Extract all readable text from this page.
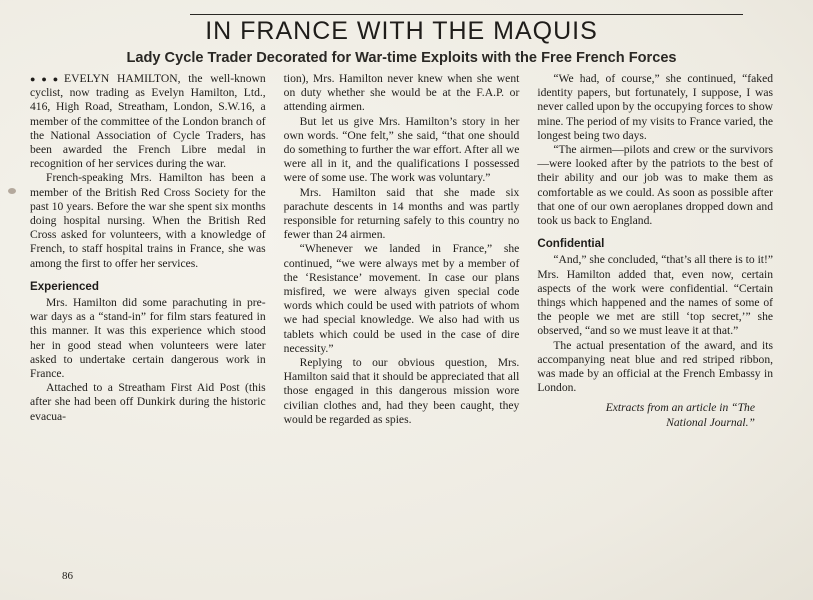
IN FRANCE WITH THE MAQUIS
Lady Cycle Trader Decorated for War-time Exploits with the Free French Forces

●●●EVELYN HAMILTON, the well-known cyclist, now trading as Evelyn Hamilton, Ltd., 416, High Road, Streatham, London, S.W.16, a member of the committee of the London branch of the National Association of Cycle Traders, has been awarded the French Libre medal in recognition of her services during the war.

French-speaking Mrs. Hamilton has been a member of the British Red Cross Society for the past 10 years. Before the war she spent six months doing hospital nursing. When the British Red Cross asked for volunteers, with a knowledge of French, to staff hospital trains in France, she was among the first to offer her services.

Experienced

Mrs. Hamilton did some parachuting in pre-war days as a “stand-in” for film stars featured in this manner. It was this experience which stood her in good stead when volunteers were later asked to undertake certain dangerous work in France.

Attached to a Streatham First Aid Post (this after she had been off Dunkirk during the historic evacua-

tion), Mrs. Hamilton never knew when she went on duty whether she would be at the F.A.P. or attending airmen.

But let us give Mrs. Hamilton’s story in her own words. “One felt,” she said, “that one should do something to further the war effort. After all we were all in it, and the qualifications I possessed were of some use. The work was voluntary.”

Mrs. Hamilton said that she made six parachute descents in 14 months and was partly responsible for returning safely to this country no fewer than 24 airmen.

“Whenever we landed in France,” she continued, “we were always met by a member of the ‘Resistance’ movement. In case our plans misfired, we were always given special code words which could be used with patriots of whom we had special knowledge. We also had with us tablets which could be used in the case of dire necessity.”

Replying to our obvious question, Mrs. Hamilton said that it should be appreciated that all those engaged in this dangerous mission wore civilian clothes and, had they been caught, they would be regarded as spies.

“We had, of course,” she continued, “faked identity papers, but fortunately, I suppose, I was never called upon by the occupying forces to show mine. The period of my visits to France varied, the longest being two days.

“The airmen—pilots and crew or the survivors—were looked after by the patriots to the best of their ability and our job was to make them as comfortable as we could. As soon as possible after that one of our own aeroplanes dropped down and took us back to England.

Confidential

“And,” she concluded, “that’s all there is to it!” Mrs. Hamilton added that, even now, certain aspects of the work were confidential. “Certain things which happened and the names of some of the people we met are still ‘top secret,’” she observed, “and so we must leave it at that.”

The actual presentation of the award, and its accompanying neat blue and red striped ribbon, was made by an official at the French Embassy in London.

Extracts from an article in “The
National Journal.”
86
